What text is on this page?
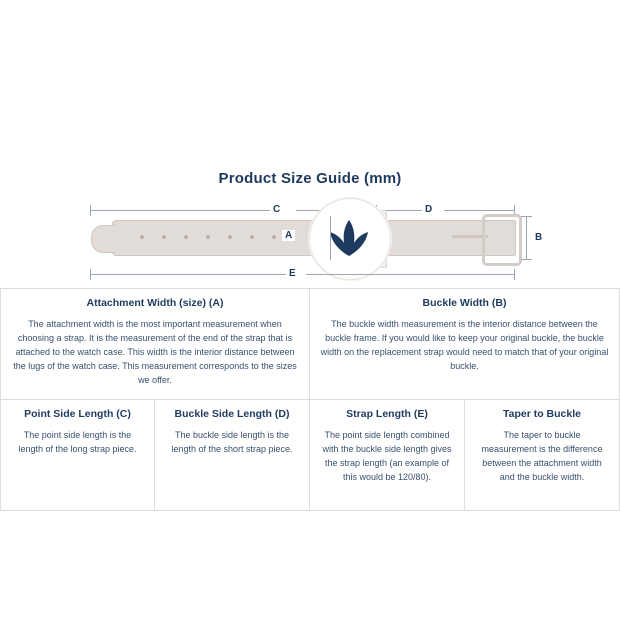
Product Size Guide (mm)
C	D
A	B
E
Attachment Width (size) (A)
The attachment width is the most important measurement when choosing a strap. It is the measurement of the end of the strap that is attached to the watch case. This width is the interior distance between the lugs of the watch case. This measurement corresponds to the sizes we offer.
Buckle Width (B)
The buckle width measurement is the interior distance between the buckle frame. If you would like to keep your original buckle, the buckle width on the replacement strap would need to match that of your original buckle.
Point Side Length (C)
The point side length is the length of the long strap piece.
Buckle Side Length (D)
The buckle side length is the length of the short strap piece.
Strap Length (E)
The point side length combined with the buckle side length gives the strap length (an example of this would be 120/80).
Taper to Buckle
The taper to buckle measurement is the difference between the attachment width and the buckle width.
